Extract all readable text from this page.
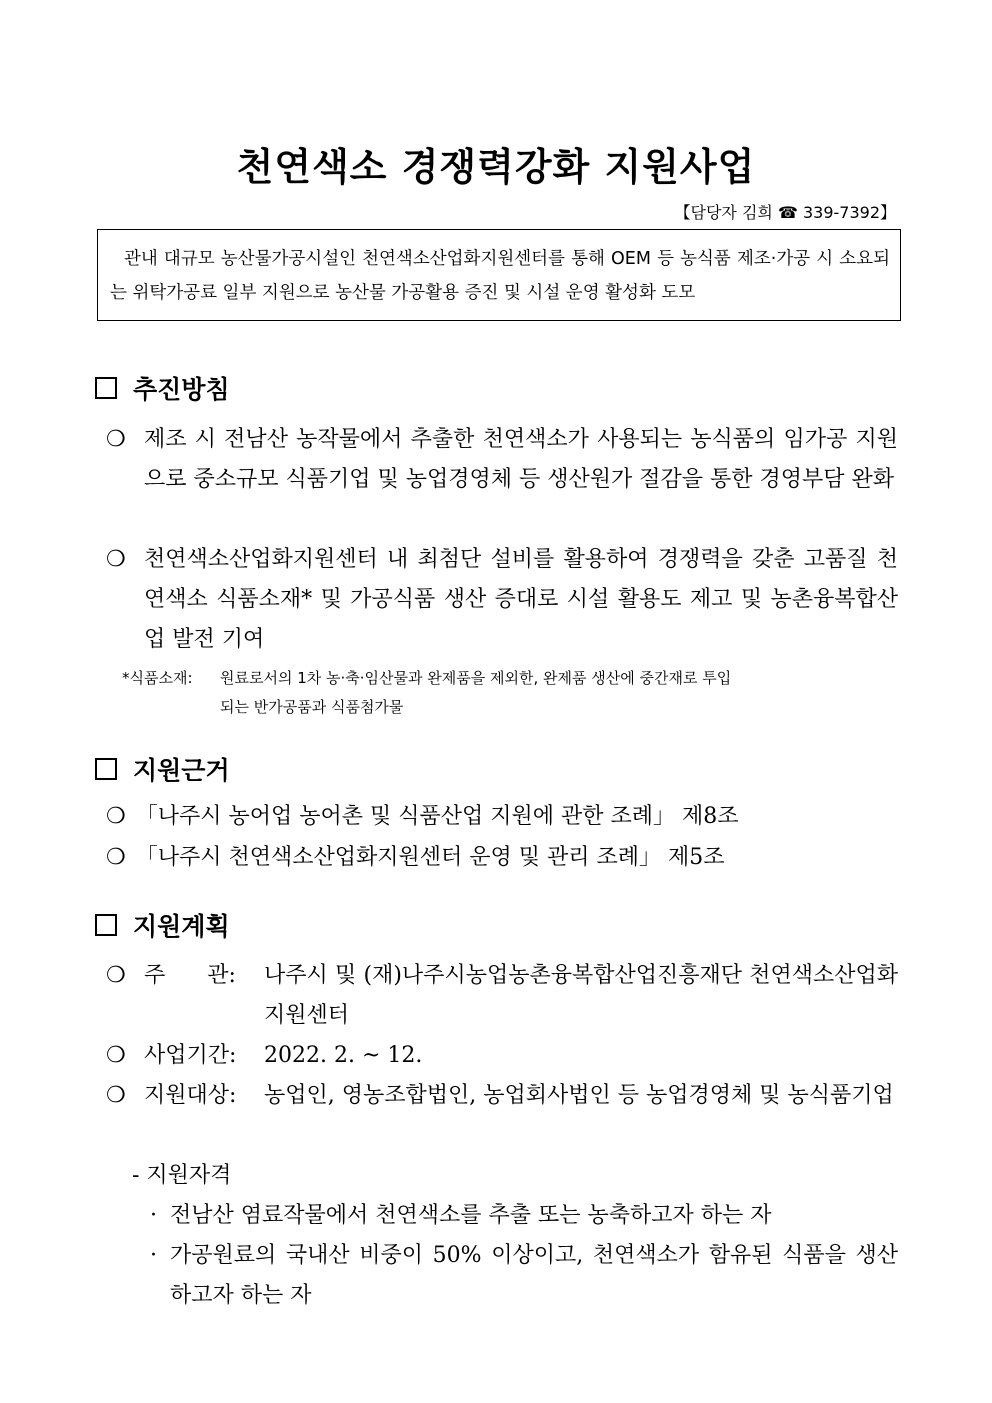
천연색소 경쟁력강화 지원사업
【담당자 김희 ☎ 339-7392】
관내 대규모 농산물가공시설인 천연색소산업화지원센터를 통해 OEM 등 농식품 제조·가공 시 소요되는 위탁가공료 일부 지원으로 농산물 가공활용 증진 및 시설 운영 활성화 도모
추진방침
❍ 제조 시 전남산 농작물에서 추출한 천연색소가 사용되는 농식품의 임가공 지원으로 중소규모 식품기업 및 농업경영체 등 생산원가 절감을 통한 경영부담 완화
❍ 천연색소산업화지원센터 내 최첨단 설비를 활용하여 경쟁력을 갖춘 고품질 천연색소 식품소재* 및 가공식품 생산 증대로 시설 활용도 제고 및 농촌융복합산업 발전 기여
*식품소재: 원료로서의 1차 농·축·임산물과 완제품을 제외한, 완제품 생산에 중간재로 투입
되는 반가공품과 식품첨가물
지원근거
❍ 「나주시 농어업 농어촌 및 식품산업 지원에 관한 조례」 제8조
❍ 「나주시 천연색소산업화지원센터 운영 및 관리 조례」 제5조
지원계획
❍ 주      관: 나주시 및 (재)나주시농업농촌융복합산업진흥재단 천연색소산업화지원센터
❍ 사업기간: 2022. 2. ~ 12.
❍ 지원대상: 농업인, 영농조합법인, 농업회사법인 등 농업경영체 및 농식품기업
- 지원자격
· 전남산 염료작물에서 천연색소를 추출 또는 농축하고자 하는 자
· 가공원료의 국내산 비중이 50% 이상이고, 천연색소가 함유된 식품을 생산하고자 하는 자
